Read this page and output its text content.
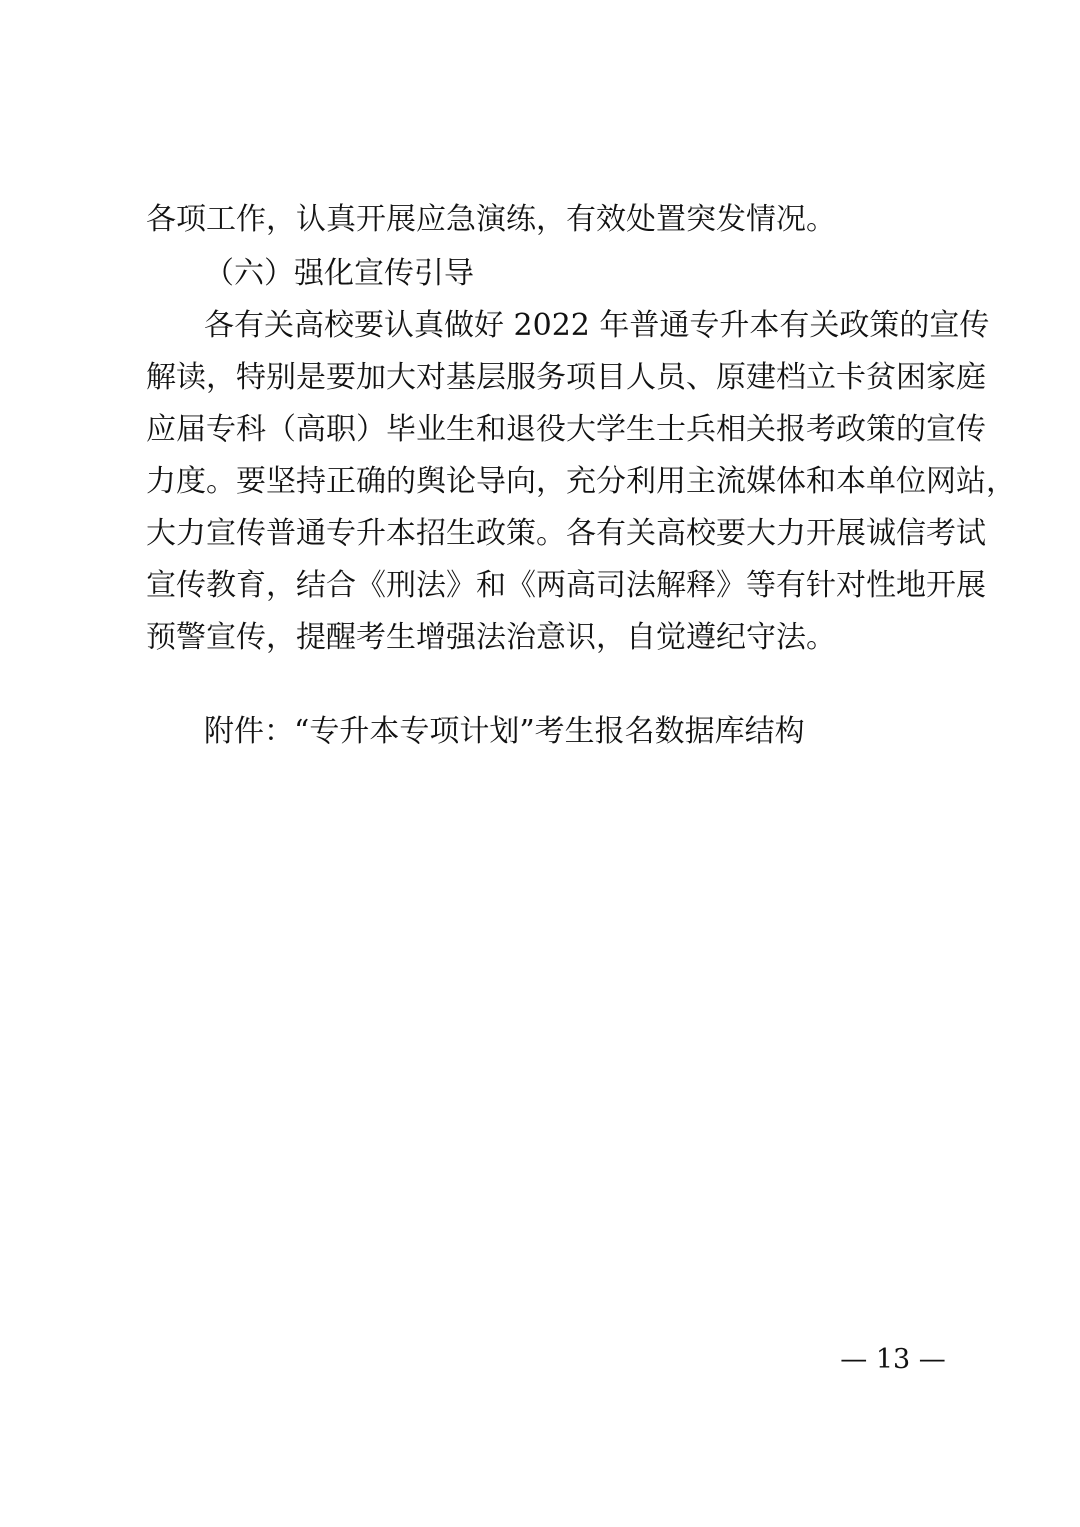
各项工作，认真开展应急演练，有效处置突发情况。
（六）强化宣传引导
各有关高校要认真做好 2022 年普通专升本有关政策的宣传
解读，特别是要加大对基层服务项目人员、原建档立卡贫困家庭
应届专科（高职）毕业生和退役大学生士兵相关报考政策的宣传
力度。要坚持正确的舆论导向，充分利用主流媒体和本单位网站，
大力宣传普通专升本招生政策。各有关高校要大力开展诚信考试
宣传教育，结合《刑法》和《两高司法解释》等有针对性地开展
预警宣传，提醒考生增强法治意识，自觉遵纪守法。
附件：“专升本专项计划”考生报名数据库结构
— 13 —
